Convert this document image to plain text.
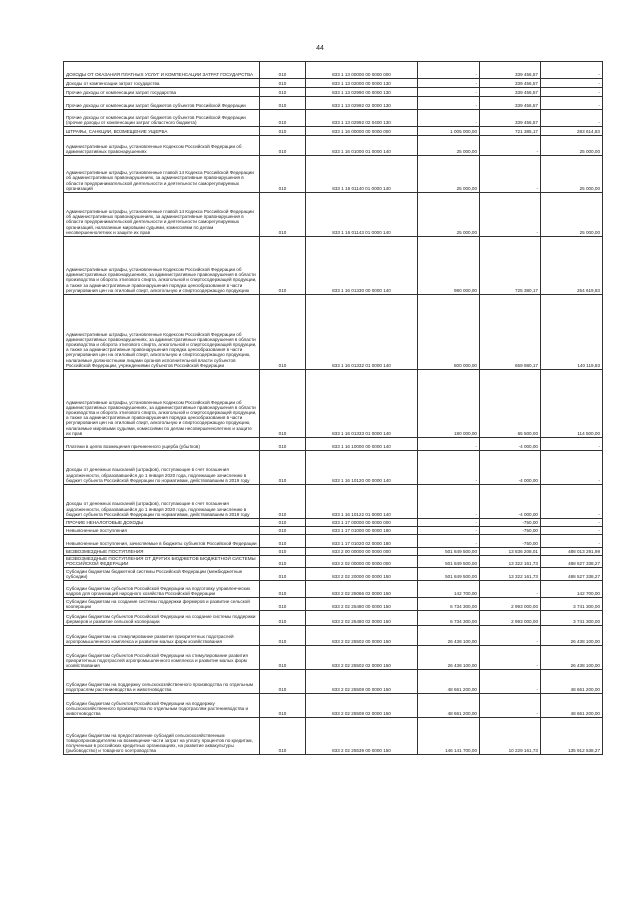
44
ДОХОДЫ ОТ ОКАЗАНИЯ ПЛАТНЫХ УСЛУГ И КОМПЕНСАЦИИ ЗАТРАТ ГОСУДАРСТВА	010	833 1 13 00000 00 0000 000	-	339 456,57	-
Доходы от компенсации затрат государства	010	833 1 13 02000 00 0000 130	-	339 456,57	-
Прочие доходы от компенсации затрат государства	010	833 1 13 02990 00 0000 130	-	339 456,57	-
Прочие доходы от компенсации затрат бюджетов субъектов Российской Федерации	010	833 1 13 02992 02 0000 130	-	339 456,57	-
Прочие доходы от компенсации затрат бюджетов субъектов Российской Федерации (прочие доходы от компенсации затрат областного бюджета)	010	833 1 13 02992 02 0400 130	-	339 456,57	-
ШТРАФЫ, САНКЦИИ, ВОЗМЕЩЕНИЕ УЩЕРБА	010	833 1 16 00000 00 0000 000	1 005 000,00	721 385,17	283 614,83
Административные штрафы, установленные Кодексом Российской Федерации об административных правонарушениях	010	833 1 16 01000 01 0000 140	25 000,00	-	25 000,00
Административные штрафы, установленные главой 14 Кодекса Российской Федерации об административных правонарушениях, за административные правонарушения в области предпринимательской деятельности и деятельности саморегулируемых организаций	010	833 1 16 01140 01 0000 140	25 000,00	-	25 000,00
Административные штрафы, установленные главой 14 Кодекса Российской Федерации об административных правонарушениях, за административные правонарушения в области предпринимательской деятельности и деятельности саморегулируемых организаций, налагаемые мировыми судьями, комиссиями по делам несовершеннолетних и защите их прав	010	833 1 16 01143 01 0000 140	25 000,00	-	25 000,00
Административные штрафы, установленные Кодексом Российской Федерации об административных правонарушениях, за административные правонарушения в области производства и оборота этилового спирта, алкогольной и спиртосодержащей продукции, а также за административные правонарушения порядка ценообразования в части регулирования цен на этиловый спирт, алкогольную и спиртосодержащую продукцию	010	833 1 16 01330 00 0000 140	980 000,00	725 380,17	254 619,83
Административные штрафы, установленные Кодексом Российской Федерации об административных правонарушениях, за административные правонарушения в области производства и оборота этилового спирта, алкогольной и спиртосодержащей продукции, а также за административные правонарушения порядка ценообразования в части регулирования цен на этиловый спирт, алкогольную и спиртосодержащую продукцию, налагаемые должностными лицами органов исполнительной власти субъектов Российской Федерации, учреждениями субъектов Российской Федерации	010	833 1 16 01332 01 0000 140	800 000,00	659 880,17	140 119,83
Административные штрафы, установленные Кодексом Российской Федерации об административных правонарушениях, за административные правонарушения в области производства и оборота этилового спирта, алкогольной и спиртосодержащей продукции, а также за административные правонарушения порядка ценообразования в части регулирования цен на этиловый спирт, алкогольную и спиртосодержащую продукцию, налагаемые мировыми судьями, комиссиями по делам несовершеннолетних и защите их прав	010	833 1 16 01333 01 0000 140	180 000,00	65 500,00	114 500,00
Платежи в целях возмещения причиненного ущерба (убытков)	010	833 1 16 10000 00 0000 140	-	-4 000,00	-
Доходы от денежных взысканий (штрафов), поступающие в счет погашения задолженности, образовавшейся до 1 января 2020 года, подлежащие зачислению в бюджет субъекта Российской Федерации по нормативам, действовавшим в 2019 году	010	833 1 16 10120 00 0000 140	-	-4 000,00	-
Доходы от денежных взысканий (штрафов), поступающие в счет погашения задолженности, образовавшейся до 1 января 2020 года, подлежащие зачислению в бюджет субъекта Российской Федерации по нормативам, действовавшим в 2019 году	010	833 1 16 10122 01 0000 140	-	-4 000,00	-
ПРОЧИЕ НЕНАЛОГОВЫЕ ДОХОДЫ	010	833 1 17 00000 00 0000 000	-	-750,00	-
Невыясненные поступления	010	833 1 17 01000 00 0000 180	-	-750,00	-
Невыясненные поступления, зачисляемые в бюджеты субъектов Российской Федерации	010	833 1 17 01020 02 0000 180	-	-750,00	-
БЕЗВОЗМЕЗДНЫЕ ПОСТУПЛЕНИЯ	010	833 2 00 00000 00 0000 000	501 849 500,00	13 836 208,01	488 013 291,99
БЕЗВОЗМЕЗДНЫЕ ПОСТУПЛЕНИЯ ОТ ДРУГИХ БЮДЖЕТОВ БЮДЖЕТНОЙ СИСТЕМЫ РОССИЙСКОЙ ФЕДЕРАЦИИ	010	833 2 02 00000 00 0000 000	501 849 500,00	13 322 161,73	488 527 338,27
Субсидии бюджетам бюджетной системы Российской Федерации (межбюджетные субсидии)	010	833 2 02 20000 00 0000 150	501 849 500,00	13 322 161,73	488 527 338,27
Субсидии бюджетам субъектов Российской Федерации на подготовку управленческих кадров для организаций народного хозяйства Российской Федерации	010	833 2 02 25066 02 0000 150	142 700,00	-	142 700,00
Субсидии бюджетам на создание системы поддержки фермеров и развитие сельской кооперации	010	833 2 02 25480 00 0000 150	6 734 300,00	2 993 000,00	3 741 300,00
Субсидии бюджетам субъектов Российской Федерации на создание системы поддержки фермеров и развитие сельской кооперации	010	833 2 02 25480 02 0000 150	6 734 300,00	2 993 000,00	3 741 300,00
Субсидии бюджетам на стимулирование развития приоритетных подотраслей агропромышленного комплекса и развитие малых форм хозяйствования	010	833 2 02 25502 00 0000 150	26 438 100,00	-	26 438 100,00
Субсидии бюджетам субъектов Российской Федерации на стимулирование развития приоритетных подотраслей агропромышленного комплекса и развитие малых форм хозяйствования	010	833 2 02 25502 02 0000 150	26 438 100,00	-	26 438 100,00
Субсидии бюджетам на поддержку сельскохозяйственного производства по отдельным подотраслям растениеводства и животноводства	010	833 2 02 25508 00 0000 150	48 661 200,00	-	48 661 200,00
Субсидии бюджетам субъектов Российской Федерации на поддержку сельскохозяйственного производства по отдельным подотраслям растениеводства и животноводства	010	833 2 02 25508 02 0000 150	48 661 200,00	-	48 661 200,00
Субсидии бюджетам на предоставление субсидий сельскохозяйственным товаропроизводителям на возмещение части затрат на уплату процентов по кредитам, полученным в российских кредитных организациях, на развитие аквакультуры (рыбоводство) и товарного осетроводства	010	833 2 02 25539 00 0000 150	146 141 700,00	10 229 161,73	135 912 538,27
